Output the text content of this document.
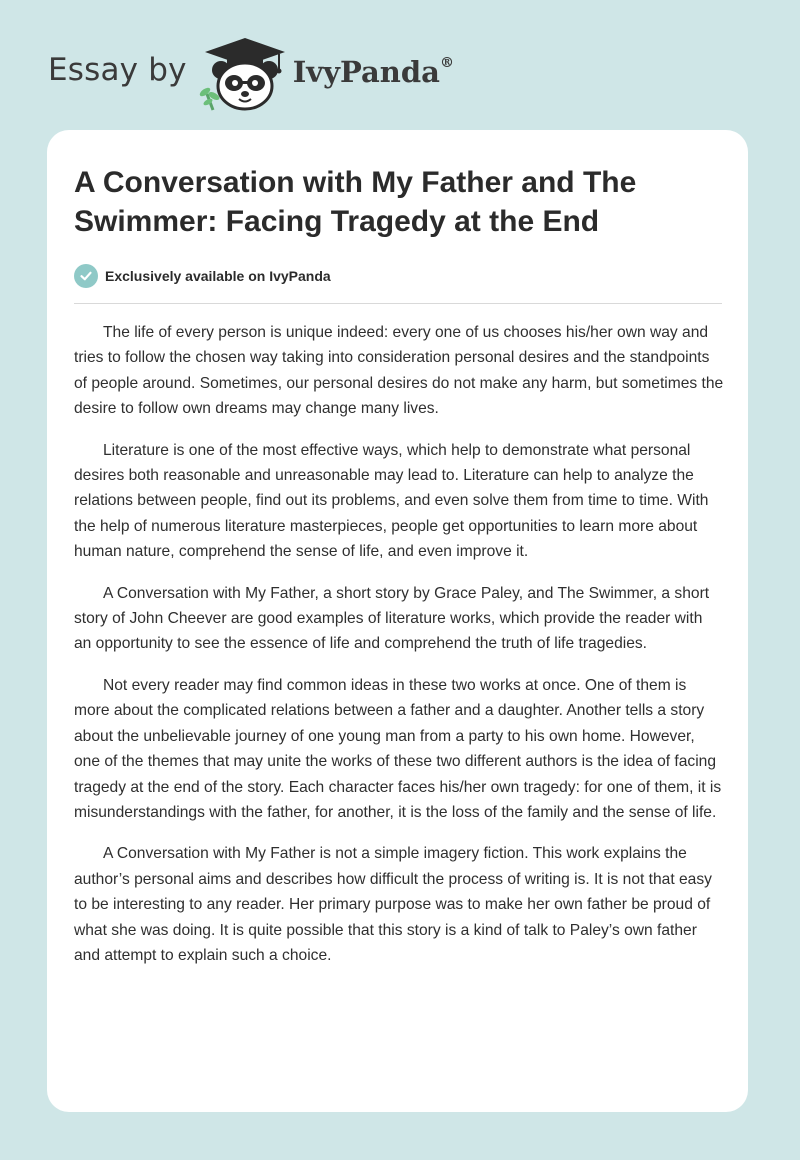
Essay by	IvyPanda®
A Conversation with My Father and The Swimmer: Facing Tragedy at the End
Exclusively available on IvyPanda

The life of every person is unique indeed: every one of us chooses his/her own way and tries to follow the chosen way taking into consideration personal desires and the standpoints of people around. Sometimes, our personal desires do not make any harm, but sometimes the desire to follow own dreams may change many lives.

Literature is one of the most effective ways, which help to demonstrate what personal desires both reasonable and unreasonable may lead to. Literature can help to analyze the relations between people, find out its problems, and even solve them from time to time. With the help of numerous literature masterpieces, people get opportunities to learn more about human nature, comprehend the sense of life, and even improve it.

A Conversation with My Father, a short story by Grace Paley, and The Swimmer, a short story of John Cheever are good examples of literature works, which provide the reader with an opportunity to see the essence of life and comprehend the truth of life tragedies.

Not every reader may find common ideas in these two works at once. One of them is more about the complicated relations between a father and a daughter. Another tells a story about the unbelievable journey of one young man from a party to his own home. However, one of the themes that may unite the works of these two different authors is the idea of facing tragedy at the end of the story. Each character faces his/her own tragedy: for one of them, it is misunderstandings with the father, for another, it is the loss of the family and the sense of life.

A Conversation with My Father is not a simple imagery fiction. This work explains the author’s personal aims and describes how difficult the process of writing is. It is not that easy to be interesting to any reader. Her primary purpose was to make her own father be proud of what she was doing. It is quite possible that this story is a kind of talk to Paley’s own father and attempt to explain such a choice.
